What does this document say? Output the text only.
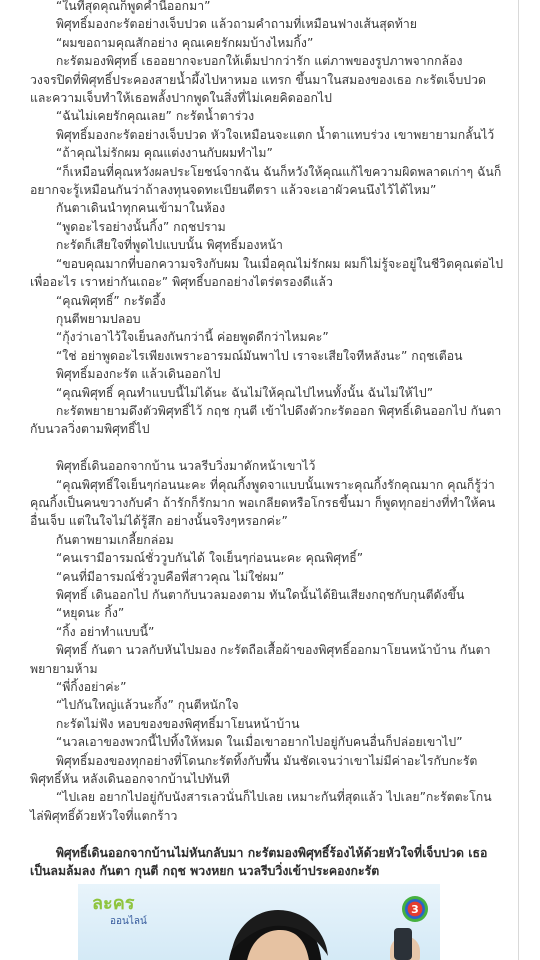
“ในที่สุดคุณก็พูดคำนี้ออกมา”

พิศุทธิ์มองกะรัตอย่างเจ็บปวด แล้วถามคำถามที่เหมือนฟางเส้นสุดท้าย

“ผมขอถามคุณสักอย่าง คุณเคยรักผมบ้างไหมกิ้ง”

กะรัตมองพิศุทธิ์ เธออยากจะบอกให้เต็มปากว่ารัก แต่ภาพของรูปภาพจากกล้องวงจรปิดที่พิศุทธิ์ประคองสายน้ำผึ้งไปหาหมอ แทรก ขึ้นมาในสมองของเธอ กะรัตเจ็บปวด และความเจ็บทำให้เธอพลั้งปากพูดในสิ่งที่ไม่เคยคิดออกไป

“ฉันไม่เคยรักคุณเลย” กะรัตน้ำตาร่วง

พิศุทธิ์มองกะรัตอย่างเจ็บปวด หัวใจเหมือนจะแตก น้ำตาแทบร่วง เขาพยายามกลั้นไว้

“ถ้าคุณไม่รักผม คุณแต่งงานกับผมทำไม”

“ก็เหมือนที่คุณหวังผลประโยชน์จากฉัน ฉันก็หวังให้คุณแก้ไขความผิดพลาดเก่าๆ ฉันก็อยากจะรู้เหมือนกันว่าถ้าลงทุนจดทะเบียนตีตรา แล้วจะเอาผัวคนนึงไว้ได้ไหม”

กันตาเดินนำทุกคนเข้ามาในห้อง

“พูดอะไรอย่างนั้นกิ้ง” กฤชปราม

กะรัตก็เสียใจที่พูดไปแบบนั้น พิศุทธิ์มองหน้า

“ขอบคุณมากที่บอกความจริงกับผม ในเมื่อคุณไม่รักผม ผมก็ไม่รู้จะอยู่ในชีวิตคุณต่อไปเพื่ออะไร เราหย่ากันเถอะ” พิศุทธิ์บอกอย่างไตร่ตรองดีแล้ว

“คุณพิศุทธิ์” กะรัตอึ้ง

กุนตีพยามปลอบ

“กุ้งว่าเอาไว้ใจเย็นลงกันกว่านี้ ค่อยพูดดีกว่าไหมคะ”

“ใช่ อย่าพูดอะไรเพียงเพราะอารมณ์มันพาไป เราจะเสียใจทีหลังนะ” กฤชเตือน

พิศุทธิ์มองกะรัต แล้วเดินออกไป

“คุณพิศุทธิ์ คุณทำแบบนี้ไม่ได้นะ ฉันไม่ให้คุณไปไหนทั้งนั้น ฉันไม่ให้ไป”

กะรัตพยายามดึงตัวพิศุทธิ์ไว้ กฤช กุนตี เข้าไปดึงตัวกะรัตออก พิศุทธิ์เดินออกไป กันตากับนวลวิ่งตามพิศุทธิ์ไป

พิศุทธิ์เดินออกจากบ้าน นวลรีบวิ่งมาดักหน้าเขาไว้

“คุณพิศุทธิ์ใจเย็นๆก่อนนะคะ ที่คุณกิ้งพูดจาแบบนั้นเพราะคุณกิ้งรักคุณมาก คุณก็รู้ว่าคุณกิ้งเป็นคนขวางกับคำ ถ้ารักก็รักมาก พอเกลียดหรือโกรธขึ้นมา ก็พูดทุกอย่างที่ทำให้คนอื่นเจ็บ แต่ในใจไม่ได้รู้สึก อย่างนั้นจริงๆหรอกค่ะ”

กันตาพยามเกลี้ยกล่อม

“คนเรามีอารมณ์ชั่ววูบกันได้ ใจเย็นๆก่อนนะคะ คุณพิศุทธิ์”

“คนที่มีอารมณ์ชั่ววูบคือพี่สาวคุณ ไม่ใช่ผม”

พิศุทธิ์ เดินออกไป กันตากับนวลมองตาม ทันใดนั้นได้ยินเสียงกฤชกับกุนตีดังขึ้น

“หยุดนะ กิ้ง”

“กิ้ง อย่าทำแบบนี้”

พิศุทธิ์ กันตา นวลกับหันไปมอง กะรัตถือเสื้อผ้าของพิศุทธิ์ออกมาโยนหน้าบ้าน กันตาพยายามห้าม

“พี่กิ้งอย่าค่ะ”

“ไปกันใหญ่แล้วนะกิ้ง” กุนตีหนักใจ

กะรัตไม่ฟัง หอบของของพิศุทธิ์มาโยนหน้าบ้าน

“นวลเอาของพวกนี้ไปทิ้งให้หมด ในเมื่อเขาอยากไปอยู่กับคนอื่นก็ปล่อยเขาไป”

พิศุทธิ์มองของทุกอย่างที่โดนกะรัตทิ้งกับพื้น มันชัดเจนว่าเขาไม่มีค่าอะไรกับกะรัต พิศุทธิ์หัน หลังเดินออกจากบ้านไปทันที

“ไปเลย อยากไปอยู่กับนังสารเลวนั่นก็ไปเลย เหมาะกันที่สุดแล้ว ไปเลย”กะรัตตะโกนไล่พิศุทธิ์ด้วยหัวใจที่แตกร้าว

พิศุทธิ์เดินออกจากบ้านไม่หันกลับมา กะรัตมองพิศุทธิ์ร้องไห้ด้วยหัวใจที่เจ็บปวด เธอเป็นลมล้มลง กันตา กุนตี กฤช พวงหยก นวลรีบวิ่งเข้าประคองกะรัต

ละคร
ออนไลน์
3
